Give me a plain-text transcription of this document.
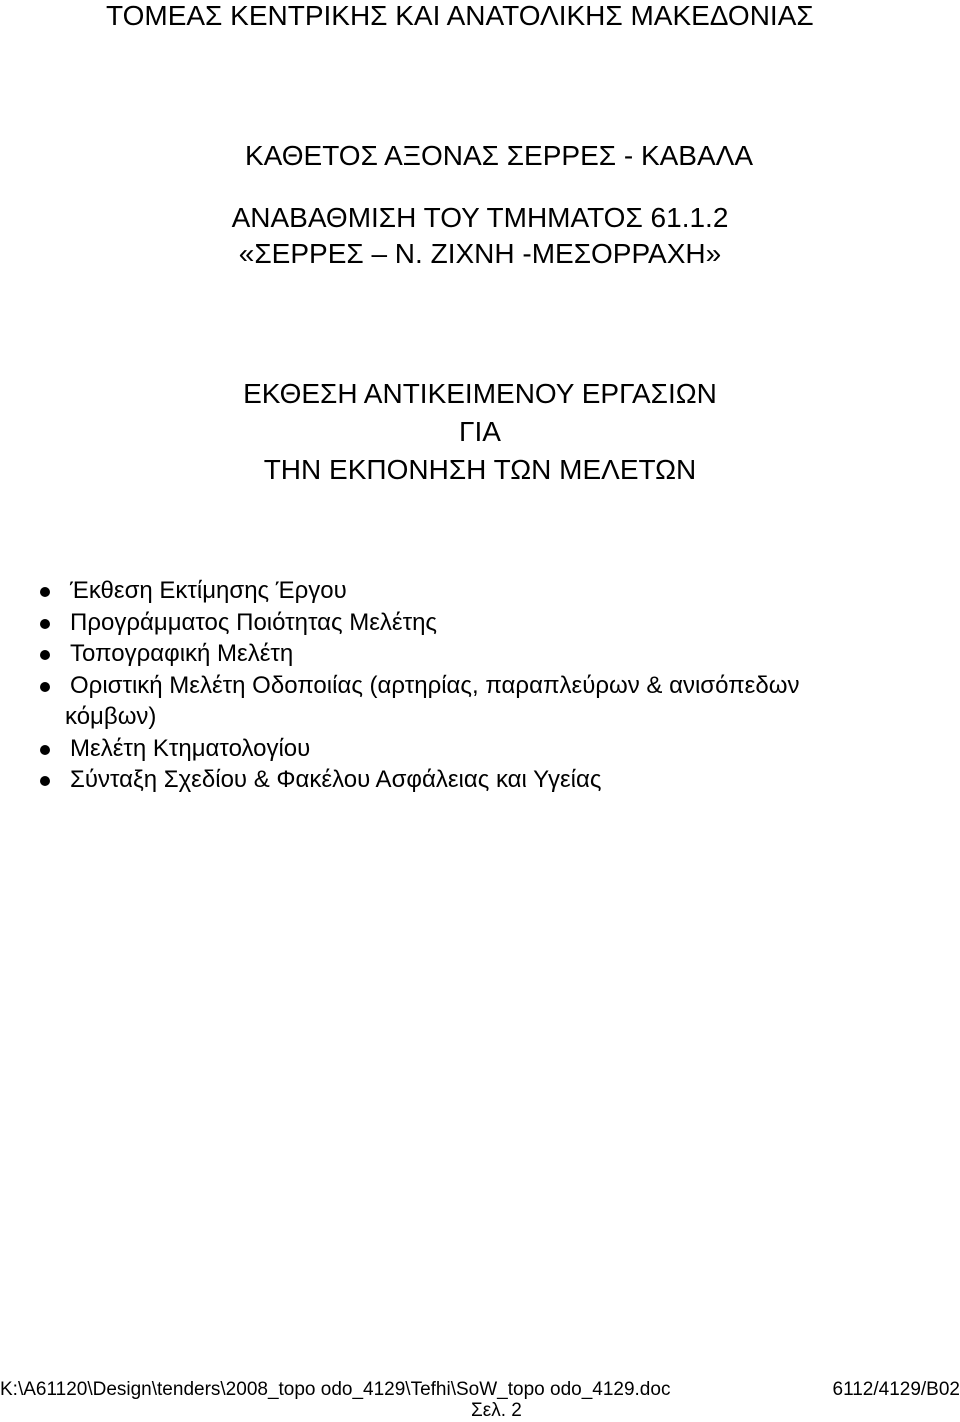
ΤΟΜΕΑΣ ΚΕΝΤΡΙΚΗΣ ΚΑΙ ΑΝΑΤΟΛΙΚΗΣ ΜΑΚΕΔΟΝΙΑΣ
ΚΑΘΕΤΟΣ ΑΞΟΝΑΣ ΣΕΡΡΕΣ - ΚΑΒΑΛΑ
ΑΝΑΒΑΘΜΙΣΗ ΤΟΥ ΤΜΗΜΑΤΟΣ 61.1.2
«ΣΕΡΡΕΣ – Ν. ΖΙΧΝΗ -ΜΕΣΟΡΡΑΧΗ»
ΕΚΘΕΣΗ ΑΝΤΙΚΕΙΜΕΝΟΥ ΕΡΓΑΣΙΩΝ
ΓΙΑ
ΤΗΝ ΕΚΠΟΝΗΣΗ ΤΩΝ ΜΕΛΕΤΩΝ
Έκθεση Εκτίμησης Έργου
Προγράμματος Ποιότητας Μελέτης
Τοπογραφική Μελέτη
Οριστική Μελέτη Οδοποιίας (αρτηρίας, παραπλεύρων & ανισόπεδων
κόμβων)
Μελέτη Κτηματολογίου
Σύνταξη Σχεδίου & Φακέλου Ασφάλειας και Υγείας
K:\A61120\Design\tenders\2008_topo odo_4129\Tefhi\SoW_topo odo_4129.doc	6112/4129/B02
Σελ. 2
